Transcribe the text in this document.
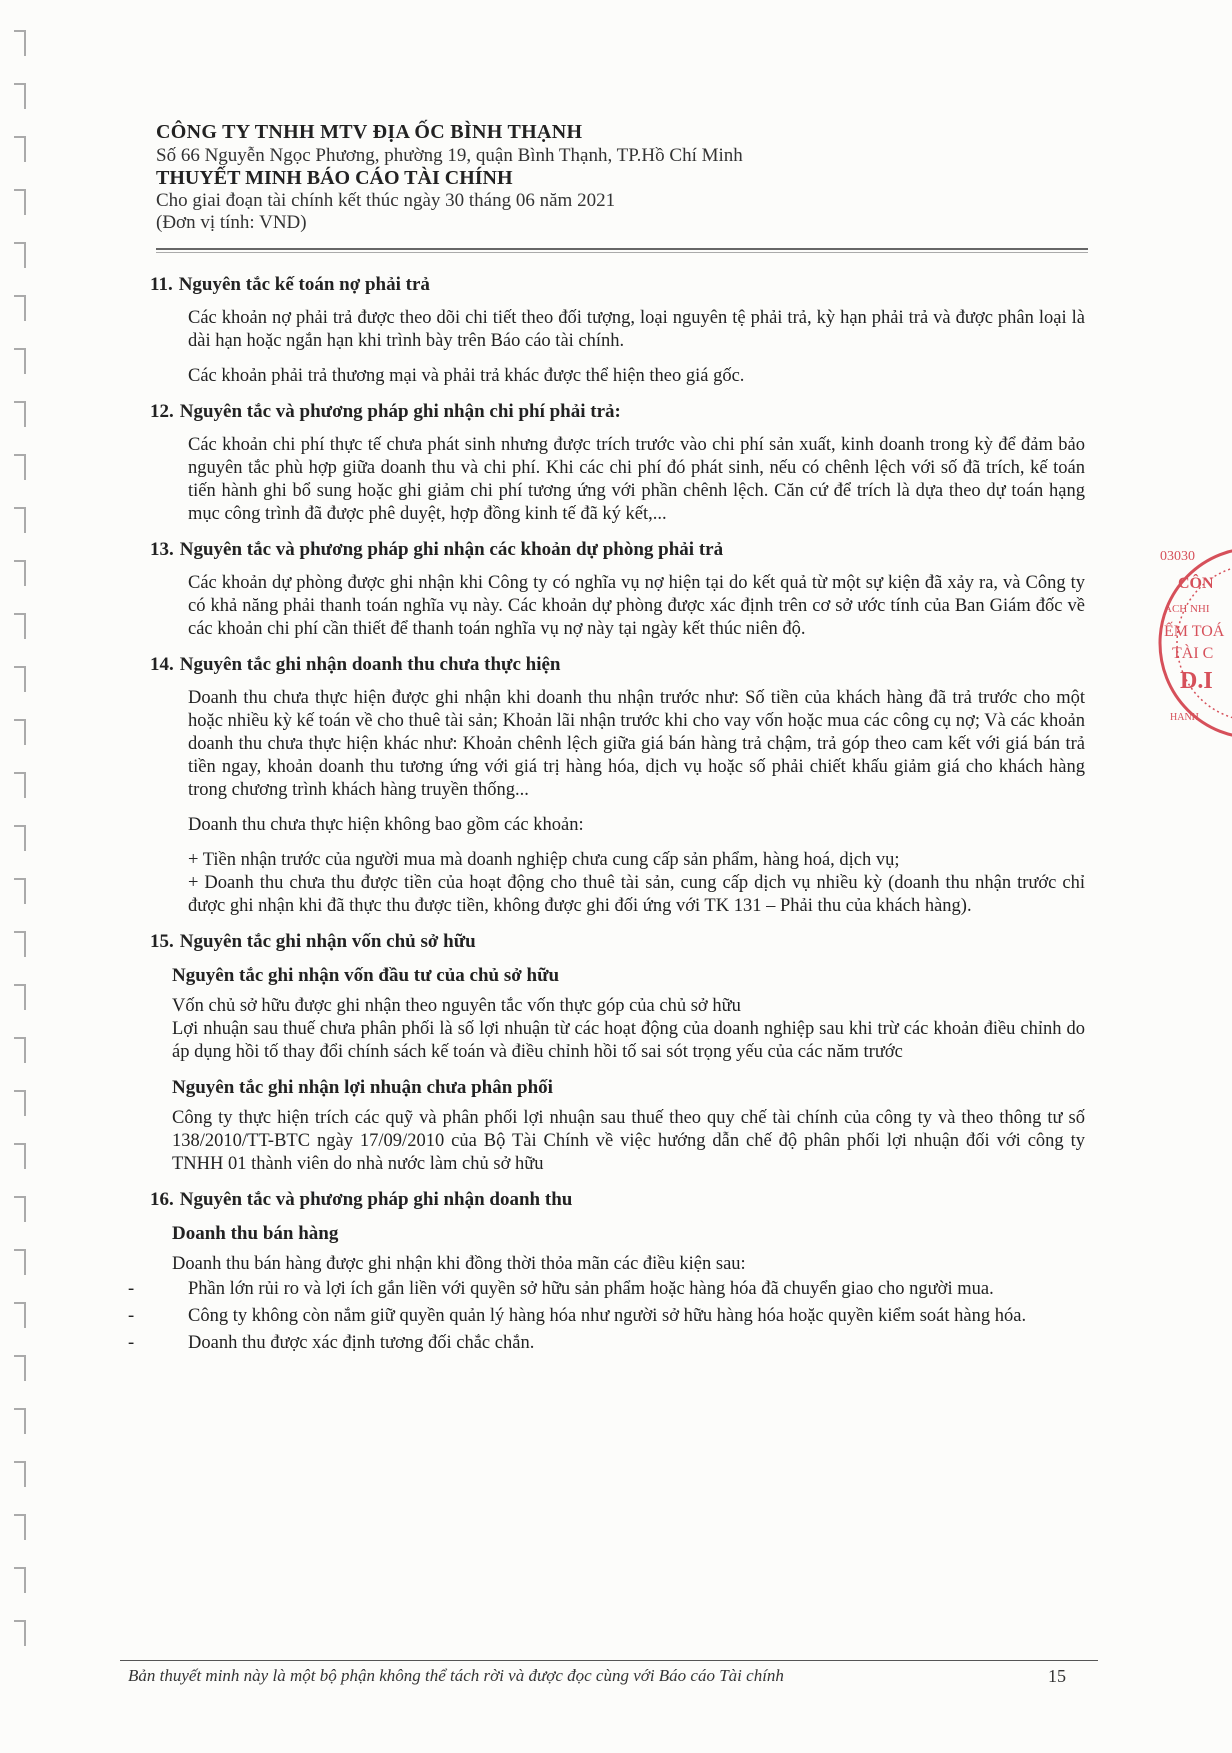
CÔNG TY TNHH MTV ĐỊA ỐC BÌNH THẠNH
Số 66 Nguyễn Ngọc Phương, phường 19, quận Bình Thạnh, TP.Hồ Chí Minh
THUYẾT MINH BÁO CÁO TÀI CHÍNH
Cho giai đoạn tài chính kết thúc ngày 30 tháng 06 năm 2021
(Đơn vị tính: VND)
11. Nguyên tắc kế toán nợ phải trả

Các khoản nợ phải trả được theo dõi chi tiết theo đối tượng, loại nguyên tệ phải trả, kỳ hạn phải trả và được phân loại là dài hạn hoặc ngắn hạn khi trình bày trên Báo cáo tài chính.

Các khoản phải trả thương mại và phải trả khác được thể hiện theo giá gốc.

12. Nguyên tắc và phương pháp ghi nhận chi phí phải trả:

Các khoản chi phí thực tế chưa phát sinh nhưng được trích trước vào chi phí sản xuất, kinh doanh trong kỳ để đảm bảo nguyên tắc phù hợp giữa doanh thu và chi phí. Khi các chi phí đó phát sinh, nếu có chênh lệch với số đã trích, kế toán tiến hành ghi bổ sung hoặc ghi giảm chi phí tương ứng với phần chênh lệch. Căn cứ để trích là dựa theo dự toán hạng mục công trình đã được phê duyệt, hợp đồng kinh tế đã ký kết,...

13. Nguyên tắc và phương pháp ghi nhận các khoản dự phòng phải trả

Các khoản dự phòng được ghi nhận khi Công ty có nghĩa vụ nợ hiện tại do kết quả từ một sự kiện đã xảy ra, và Công ty có khả năng phải thanh toán nghĩa vụ này. Các khoản dự phòng được xác định trên cơ sở ước tính của Ban Giám đốc về các khoản chi phí cần thiết để thanh toán nghĩa vụ nợ này tại ngày kết thúc niên độ.

14. Nguyên tắc ghi nhận doanh thu chưa thực hiện

Doanh thu chưa thực hiện được ghi nhận khi doanh thu nhận trước như: Số tiền của khách hàng đã trả trước cho một hoặc nhiều kỳ kế toán về cho thuê tài sản; Khoản lãi nhận trước khi cho vay vốn hoặc mua các công cụ nợ; Và các khoản doanh thu chưa thực hiện khác như: Khoản chênh lệch giữa giá bán hàng trả chậm, trả góp theo cam kết với giá bán trả tiền ngay, khoản doanh thu tương ứng với giá trị hàng hóa, dịch vụ hoặc số phải chiết khấu giảm giá cho khách hàng trong chương trình khách hàng truyền thống...

Doanh thu chưa thực hiện không bao gồm các khoản:

+ Tiền nhận trước của người mua mà doanh nghiệp chưa cung cấp sản phẩm, hàng hoá, dịch vụ;
+ Doanh thu chưa thu được tiền của hoạt động cho thuê tài sản, cung cấp dịch vụ nhiều kỳ (doanh thu nhận trước chỉ được ghi nhận khi đã thực thu được tiền, không được ghi đối ứng với TK 131 – Phải thu của khách hàng).

15. Nguyên tắc ghi nhận vốn chủ sở hữu
Nguyên tắc ghi nhận vốn đầu tư của chủ sở hữu

Vốn chủ sở hữu được ghi nhận theo nguyên tắc vốn thực góp của chủ sở hữu
Lợi nhuận sau thuế chưa phân phối là số lợi nhuận từ các hoạt động của doanh nghiệp sau khi trừ các khoản điều chỉnh do áp dụng hồi tố thay đổi chính sách kế toán và điều chỉnh hồi tố sai sót trọng yếu của các năm trước

Nguyên tắc ghi nhận lợi nhuận chưa phân phối

Công ty thực hiện trích các quỹ và phân phối lợi nhuận sau thuế theo quy chế tài chính của công ty và theo thông tư số 138/2010/TT-BTC ngày 17/09/2010 của Bộ Tài Chính về việc hướng dẫn chế độ phân phối lợi nhuận đối với công ty TNHH 01 thành viên do nhà nước làm chủ sở hữu

16. Nguyên tắc và phương pháp ghi nhận doanh thu
Doanh thu bán hàng

Doanh thu bán hàng được ghi nhận khi đồng thời thỏa mãn các điều kiện sau:

-	Phần lớn rủi ro và lợi ích gắn liền với quyền sở hữu sản phẩm hoặc hàng hóa đã chuyển giao cho người mua.
-	Công ty không còn nắm giữ quyền quản lý hàng hóa như người sở hữu hàng hóa hoặc quyền kiểm soát hàng hóa.
-	Doanh thu được xác định tương đối chắc chắn.
03030
CÔN
ÁCH NHI
ẾM TOÁ
TÀI C
D.I
HANH
Bản thuyết minh này là một bộ phận không thể tách rời và được đọc cùng với Báo cáo Tài chính	15
